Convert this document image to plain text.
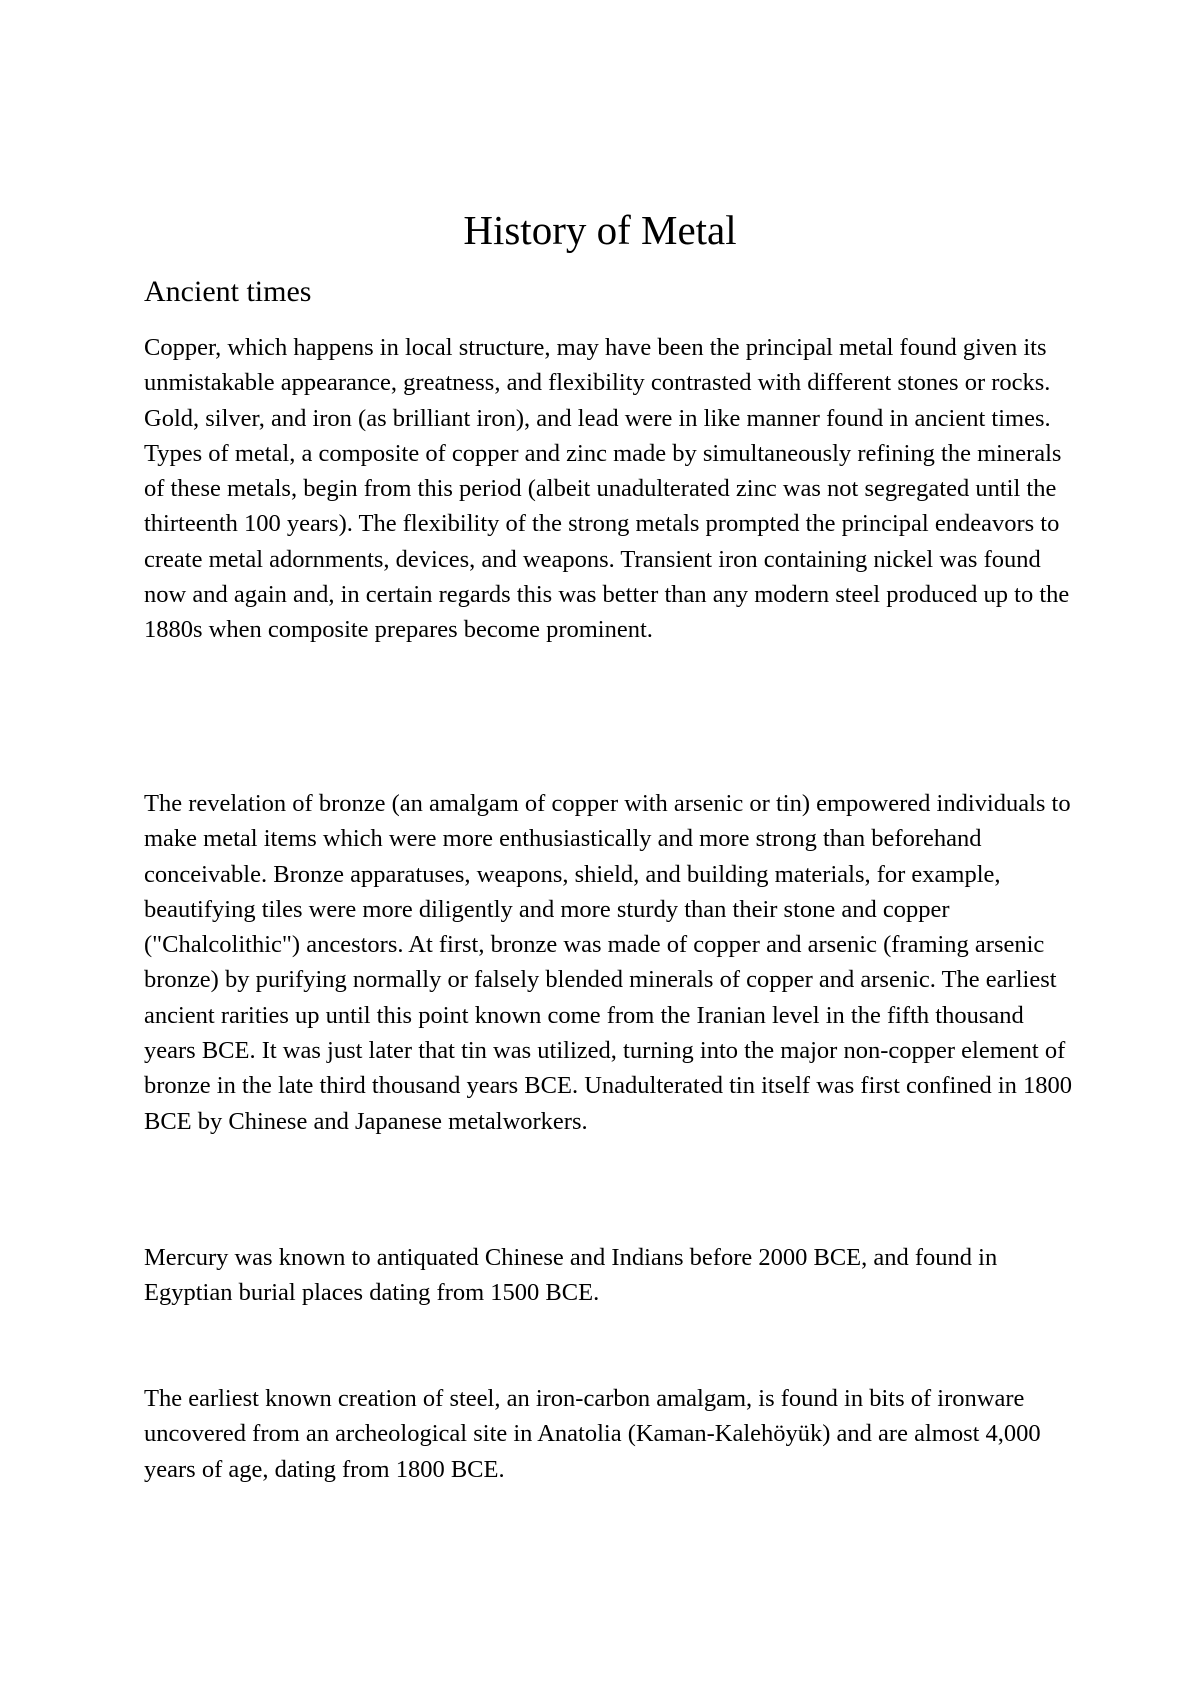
History of Metal
Ancient times

Copper, which happens in local structure, may have been the principal metal found given its unmistakable appearance, greatness, and flexibility contrasted with different stones or rocks. Gold, silver, and iron (as brilliant iron), and lead were in like manner found in ancient times. Types of metal, a composite of copper and zinc made by simultaneously refining the minerals of these metals, begin from this period (albeit unadulterated zinc was not segregated until the thirteenth 100 years). The flexibility of the strong metals prompted the principal endeavors to create metal adornments, devices, and weapons. Transient iron containing nickel was found now and again and, in certain regards this was better than any modern steel produced up to the 1880s when composite prepares become prominent.

The revelation of bronze (an amalgam of copper with arsenic or tin) empowered individuals to make metal items which were more enthusiastically and more strong than beforehand conceivable. Bronze apparatuses, weapons, shield, and building materials, for example, beautifying tiles were more diligently and more sturdy than their stone and copper ("Chalcolithic") ancestors. At first, bronze was made of copper and arsenic (framing arsenic bronze) by purifying normally or falsely blended minerals of copper and arsenic. The earliest ancient rarities up until this point known come from the Iranian level in the fifth thousand years BCE. It was just later that tin was utilized, turning into the major non-copper element of bronze in the late third thousand years BCE. Unadulterated tin itself was first confined in 1800 BCE by Chinese and Japanese metalworkers.

Mercury was known to antiquated Chinese and Indians before 2000 BCE, and found in Egyptian burial places dating from 1500 BCE.

The earliest known creation of steel, an iron-carbon amalgam, is found in bits of ironware uncovered from an archeological site in Anatolia (Kaman-Kalehöyük) and are almost 4,000 years of age, dating from 1800 BCE.
